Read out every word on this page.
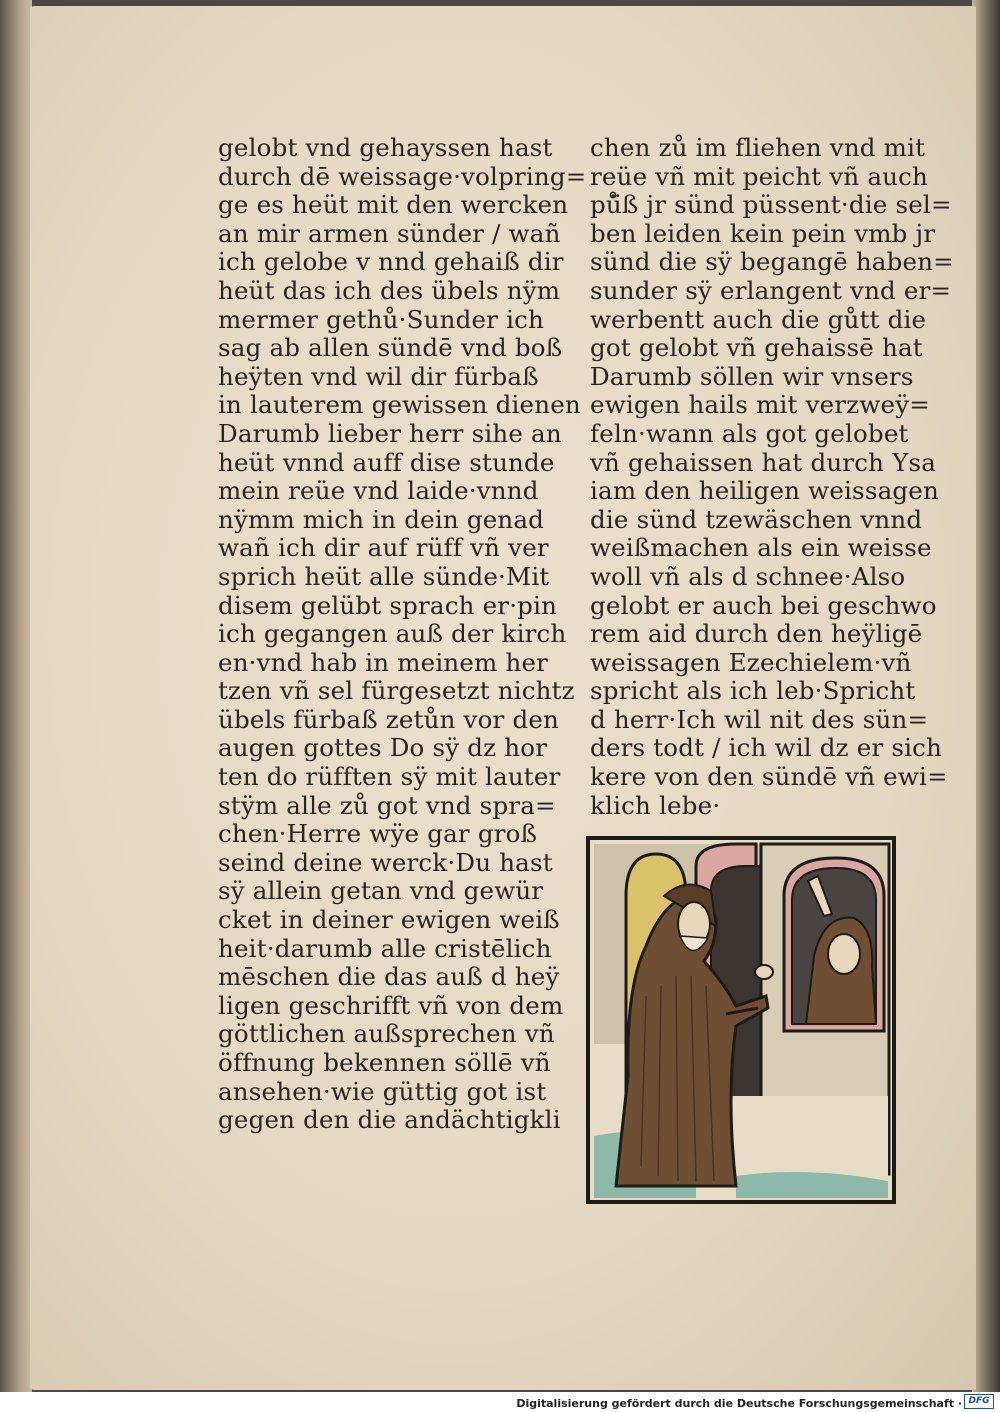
gelobt vnd gehayssen hast
durch dē weissage·volpring=
ge es heüt mit den wercken
an mir armen sünder / wañ
ich gelobe v nnd gehaiß dir
heüt das ich des übels nÿm
mermer gethů·Sunder ich
sag ab allen sündē vnd boß
heÿten vnd wil dir fürbaß
in lauterem gewissen dienen
Darumb lieber herr sihe an
heüt vnnd auff dise stunde
mein reüe vnd laide·vnnd
nÿmm mich in dein genad
wañ ich dir auf rüff vñ ver
sprich heüt alle sünde·Mit
disem gelübt sprach er·pin
ich gegangen auß der kirch
en·vnd hab in meinem her
tzen vñ sel fürgesetzt nichtz
übels fürbaß zetůn vor den
augen gottes Do sÿ dz hor
ten do rüfften sÿ mit lauter
stÿm alle zů got vnd spra=
chen·Herre wÿe gar groß
seind deine werck·Du hast
sÿ allein getan vnd gewür
cket in deiner ewigen weiß
heit·darumb alle cristēlich
mēschen die das auß d heÿ
ligen geschrifft vñ von dem
göttlichen außsprechen vñ
öffnung bekennen söllē vñ
ansehen·wie güttig got ist
gegen den die andächtigkli
chen zů im fliehen vnd mit
reüe vñ mit peicht vñ auch
pů̈ß jr sünd püssent·die sel=
ben leiden kein pein vmb jr
sünd die sÿ begangē haben=
sunder sÿ erlangent vnd er=
werbentt auch die gůtt die
got gelobt vñ gehaissē hat
Darumb söllen wir vnsers
ewigen hails mit verzweÿ=
feln·wann als got gelobet
vñ gehaissen hat durch Ysa
iam den heiligen weissagen
die sünd tzewäschen vnnd
weißmachen als ein weisse
woll vñ als d schnee·Also
gelobt er auch bei geschwo
rem aid durch den heÿligē
weissagen Ezechielem·vñ
spricht als ich leb·Spricht
d herr·Ich wil nit des sün=
ders todt / ich wil dz er sich
kere von den sündē vñ ewi=
klich lebe·
Digitalisierung gefördert durch die Deutsche Forschungsgemeinschaft · DFG
